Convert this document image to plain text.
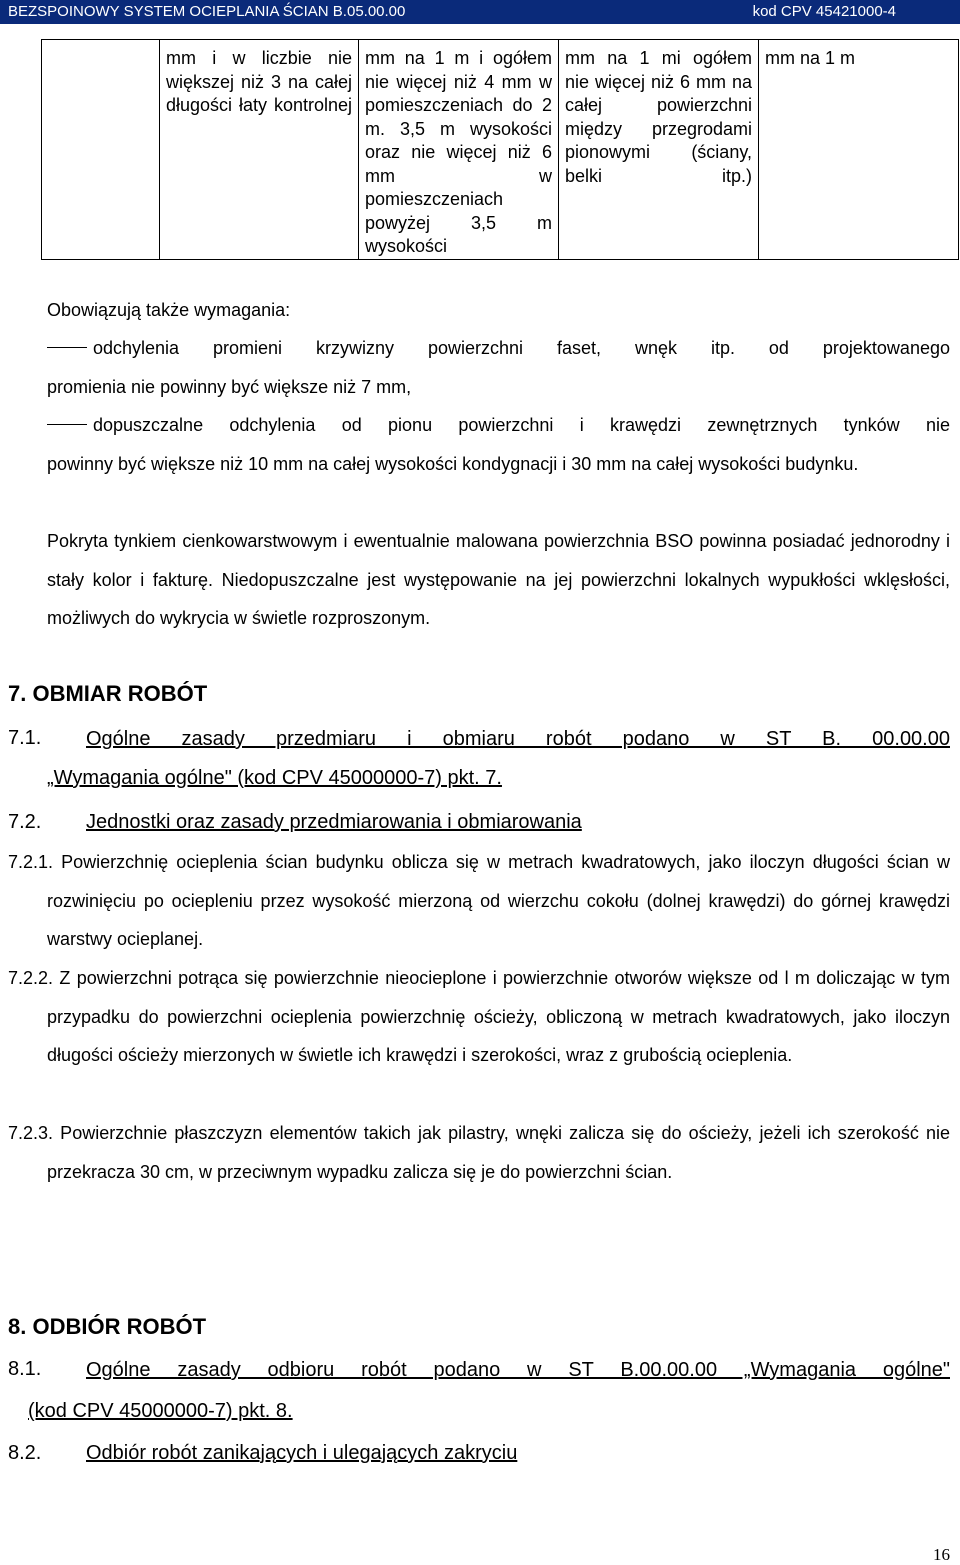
BEZSPOINOWY SYSTEM OCIEPLANIA ŚCIAN B.05.00.00	kod CPV 45421000-4
	mm i w liczbie nie większej niż 3 na całej długości łaty kontrolnej	mm na 1 m i ogółem nie więcej niż 4 mm w pomieszczeniach do 2 m. 3,5 m wysokości oraz nie więcej niż 6 mm w pomieszczeniach powyżej 3,5 m wysokości	mm na 1 mi ogółem nie więcej niż 6 mm na całej powierzchni między przegrodami pionowymi (ściany, belki itp.)	mm na 1 m
Obowiązują także wymagania:
odchylenia promieni krzywizny powierzchni faset, wnęk itp. od projektowanego
promienia nie powinny być większe niż 7 mm,
dopuszczalne odchylenia od pionu powierzchni i krawędzi zewnętrznych tynków nie
powinny być większe niż 10 mm na całej wysokości kondygnacji i 30 mm na całej wysokości budynku.
Pokryta tynkiem cienkowarstwowym i ewentualnie malowana powierzchnia BSO powinna posiadać jednorodny i stały kolor i fakturę. Niedopuszczalne jest występowanie na jej powierzchni lokalnych wypukłości wklęsłości, możliwych do wykrycia w świetle rozproszonym.
7. OBMIAR ROBÓT
7.1. Ogólne zasady przedmiaru i obmiaru robót podano w ST B. 00.00.00
„Wymagania ogólne" (kod CPV 45000000-7) pkt. 7.
7.2. Jednostki oraz zasady przedmiarowania i obmiarowania
7.2.1. Powierzchnię ocieplenia ścian budynku oblicza się w metrach kwadratowych, jako iloczyn długości ścian w rozwinięciu po ociepleniu przez wysokość mierzoną od wierzchu cokołu (dolnej krawędzi) do górnej krawędzi warstwy ocieplanej.
7.2.2. Z powierzchni potrąca się powierzchnie nieocieplone i powierzchnie otworów większe od l m doliczając w tym przypadku do powierzchni ocieplenia powierzchnię ościeży, obliczoną w metrach kwadratowych, jako iloczyn długości ościeży mierzonych w świetle ich krawędzi i szerokości, wraz z grubością ocieplenia.
7.2.3. Powierzchnie płaszczyzn elementów takich jak pilastry, wnęki zalicza się do ościeży, jeżeli ich szerokość nie przekracza 30 cm, w przeciwnym wypadku zalicza się je do powierzchni ścian.
8. ODBIÓR ROBÓT
8.1. Ogólne zasady odbioru robót podano w ST B.00.00.00 „Wymagania ogólne"
(kod CPV 45000000-7) pkt. 8.
8.2. Odbiór robót zanikających i ulegających zakryciu
16
